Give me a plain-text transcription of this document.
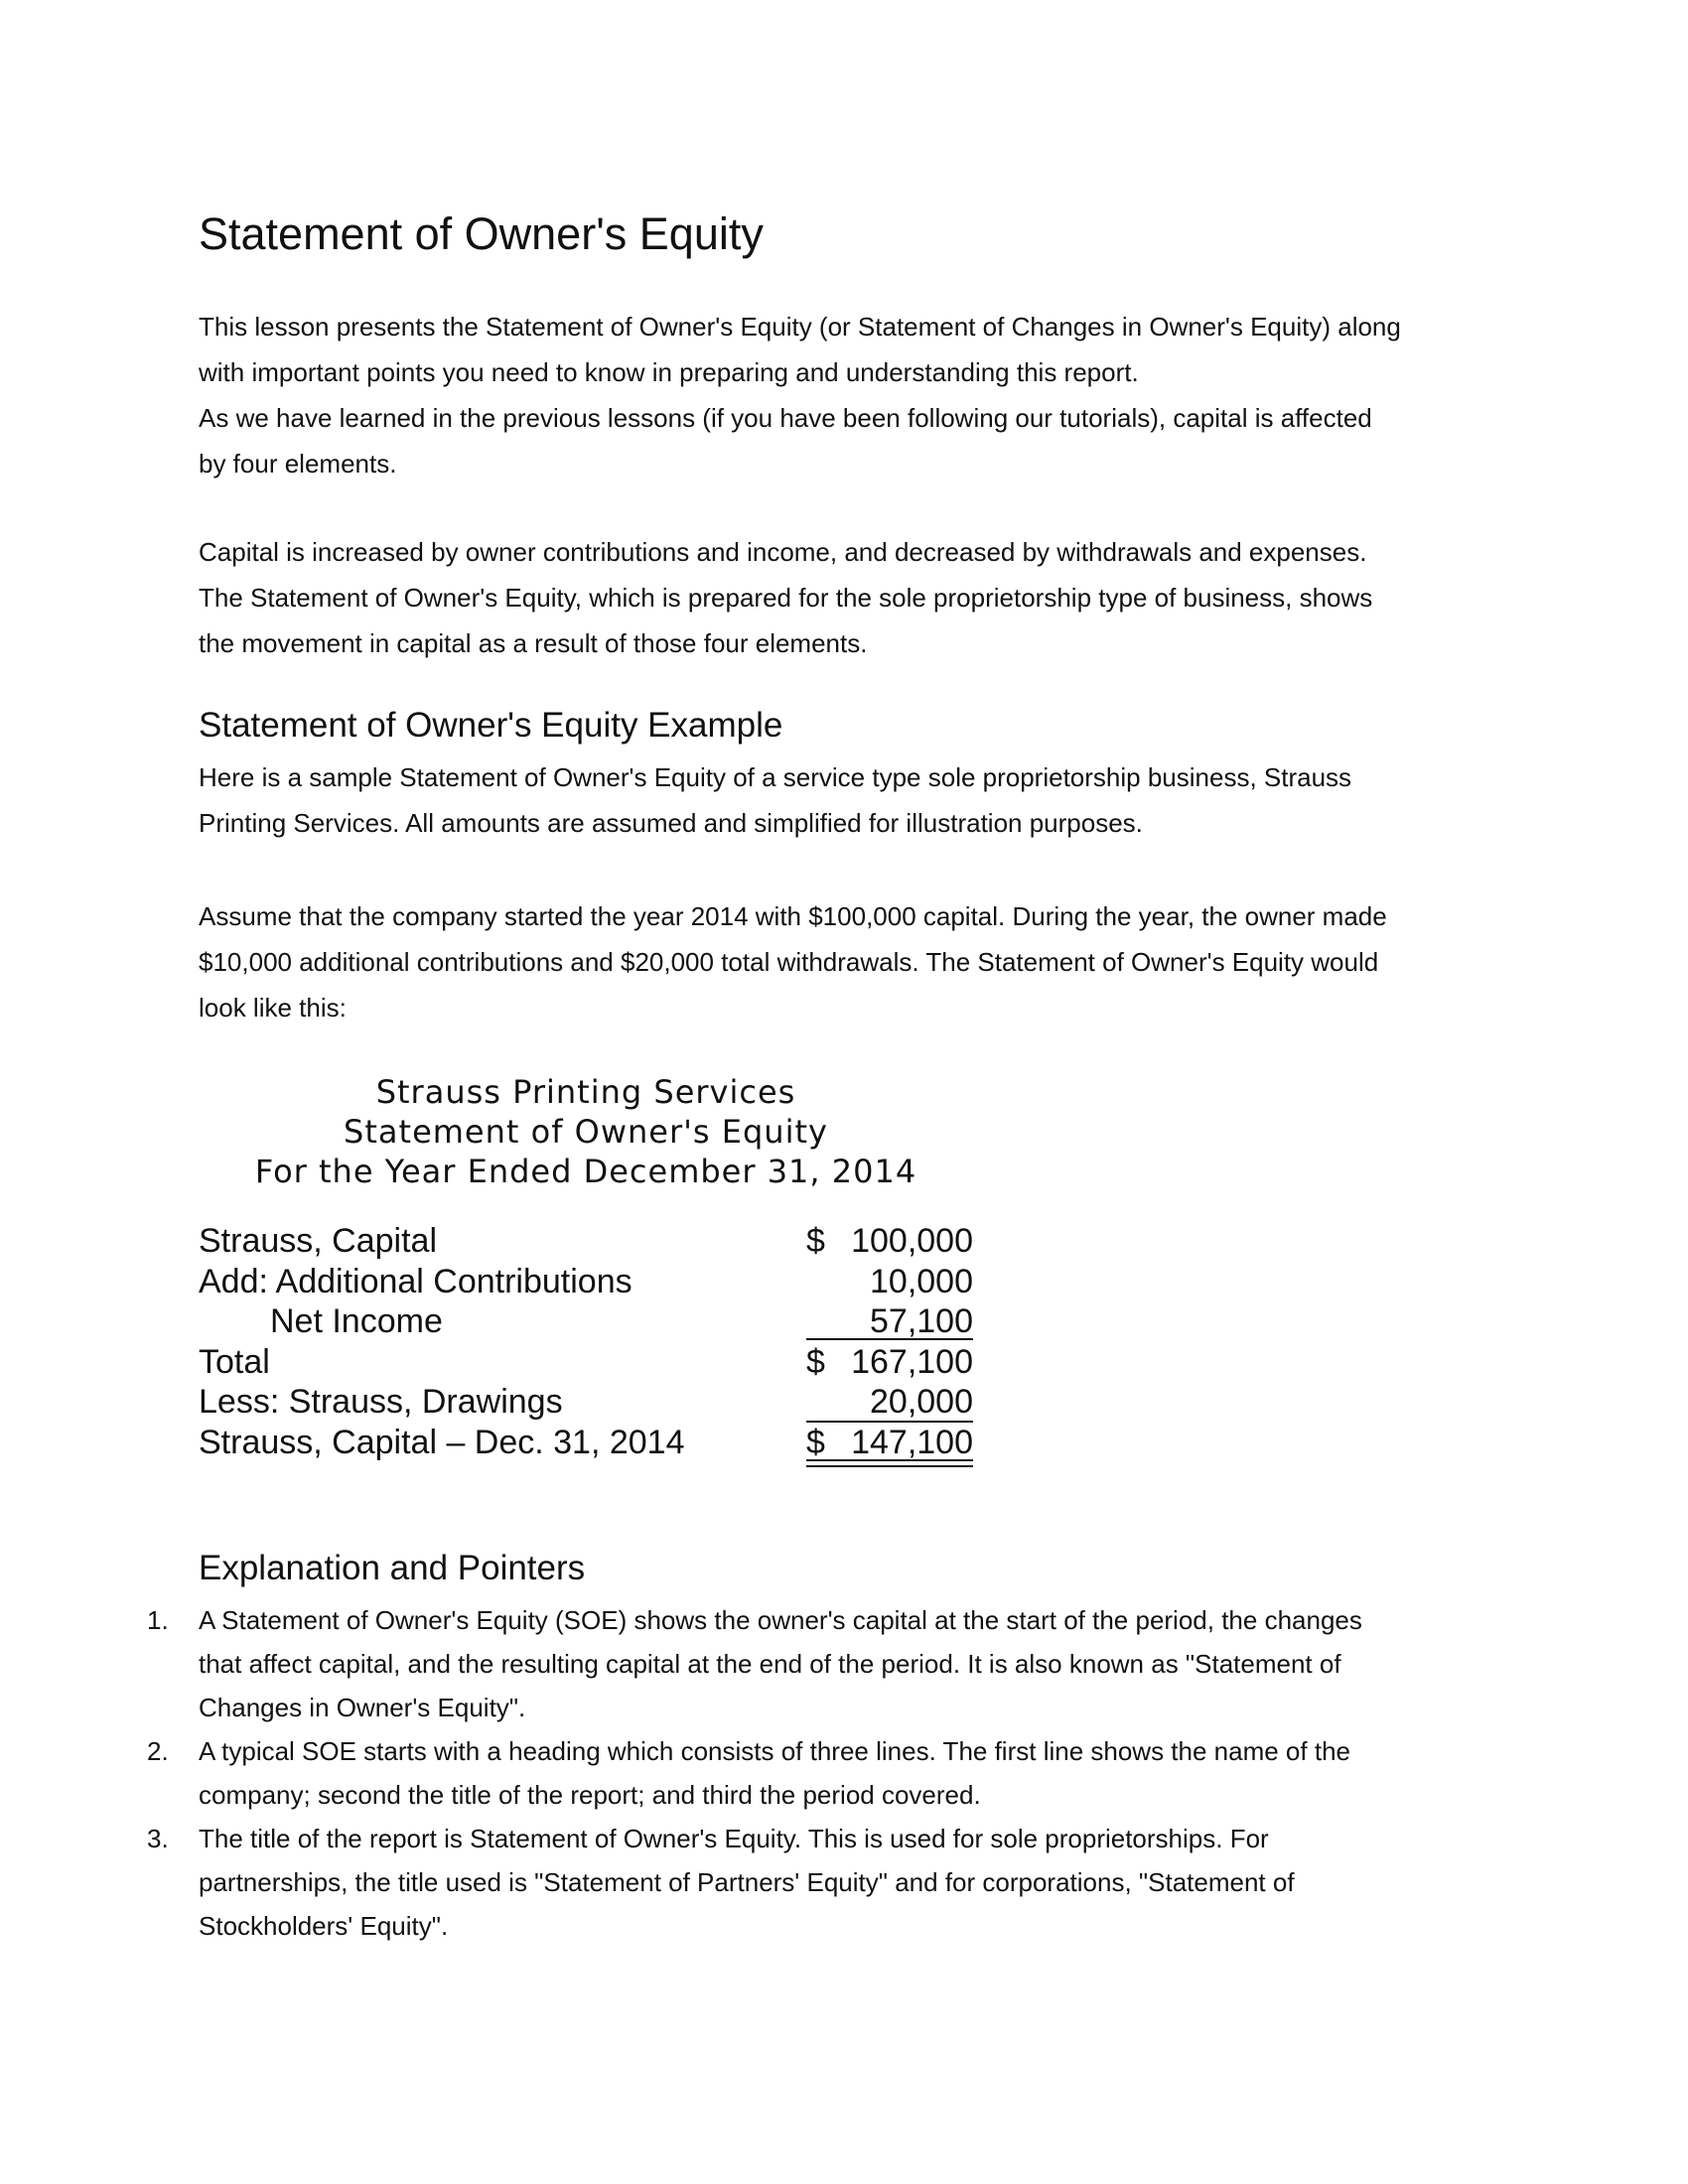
Statement of Owner's Equity
This lesson presents the Statement of Owner's Equity (or Statement of Changes in Owner's Equity) along
with important points you need to know in preparing and understanding this report.
As we have learned in the previous lessons (if you have been following our tutorials), capital is affected
by four elements.
Capital is increased by owner contributions and income, and decreased by withdrawals and expenses.
The Statement of Owner's Equity, which is prepared for the sole proprietorship type of business, shows
the movement in capital as a result of those four elements.
Statement of Owner's Equity Example
Here is a sample Statement of Owner's Equity of a service type sole proprietorship business, Strauss
Printing Services. All amounts are assumed and simplified for illustration purposes.
Assume that the company started the year 2014 with $100,000 capital. During the year, the owner made
$10,000 additional contributions and $20,000 total withdrawals. The Statement of Owner's Equity would
look like this:
Strauss Printing Services
Statement of Owner's Equity
For the Year Ended December 31, 2014
Strauss, Capital	$ 100,000
Add: Additional Contributions	10,000
Net Income	57,100
Total	$ 167,100
Less: Strauss, Drawings	20,000
Strauss, Capital – Dec. 31, 2014	$ 147,100
Explanation and Pointers
1. A Statement of Owner's Equity (SOE) shows the owner's capital at the start of the period, the changes
that affect capital, and the resulting capital at the end of the period. It is also known as "Statement of
Changes in Owner's Equity".
2. A typical SOE starts with a heading which consists of three lines. The first line shows the name of the
company; second the title of the report; and third the period covered.
3. The title of the report is Statement of Owner's Equity. This is used for sole proprietorships. For
partnerships, the title used is "Statement of Partners' Equity" and for corporations, "Statement of
Stockholders' Equity".
